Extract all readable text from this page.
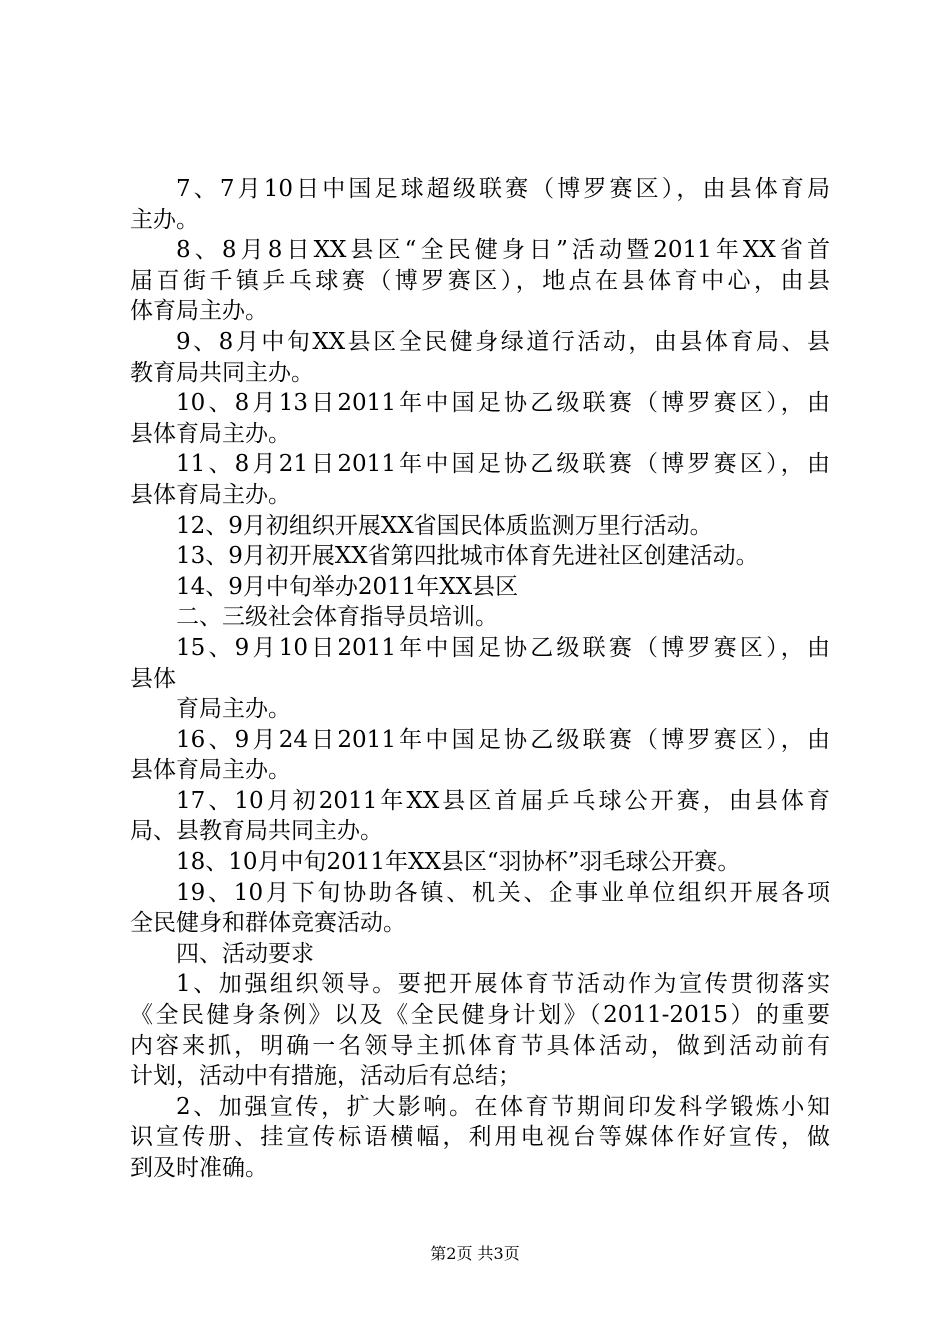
7、7月10日中国足球超级联赛（博罗赛区），由县体育局
主办。
8、8月8日XX县区“全民健身日”活动暨2011年XX省首
届百街千镇乒乓球赛（博罗赛区），地点在县体育中心，由县
体育局主办。
9、8月中旬XX县区全民健身绿道行活动，由县体育局、县
教育局共同主办。
10、8月13日2011年中国足协乙级联赛（博罗赛区），由
县体育局主办。
11、8月21日2011年中国足协乙级联赛（博罗赛区），由
县体育局主办。
12、9月初组织开展XX省国民体质监测万里行活动。
13、9月初开展XX省第四批城市体育先进社区创建活动。
14、9月中旬举办2011年XX县区
二、三级社会体育指导员培训。
15、9月10日2011年中国足协乙级联赛（博罗赛区），由
县体
育局主办。
16、9月24日2011年中国足协乙级联赛（博罗赛区），由
县体育局主办。
17、10月初2011年XX县区首届乒乓球公开赛，由县体育
局、县教育局共同主办。
18、10月中旬2011年XX县区“羽协杯”羽毛球公开赛。
19、10月下旬协助各镇、机关、企事业单位组织开展各项
全民健身和群体竞赛活动。
四、活动要求
1、加强组织领导。要把开展体育节活动作为宣传贯彻落实
《全民健身条例》以及《全民健身计划》（2011-2015）的重要
内容来抓，明确一名领导主抓体育节具体活动，做到活动前有
计划，活动中有措施，活动后有总结；
2、加强宣传，扩大影响。在体育节期间印发科学锻炼小知
识宣传册、挂宣传标语横幅，利用电视台等媒体作好宣传，做
到及时准确。
第2页 共3页
